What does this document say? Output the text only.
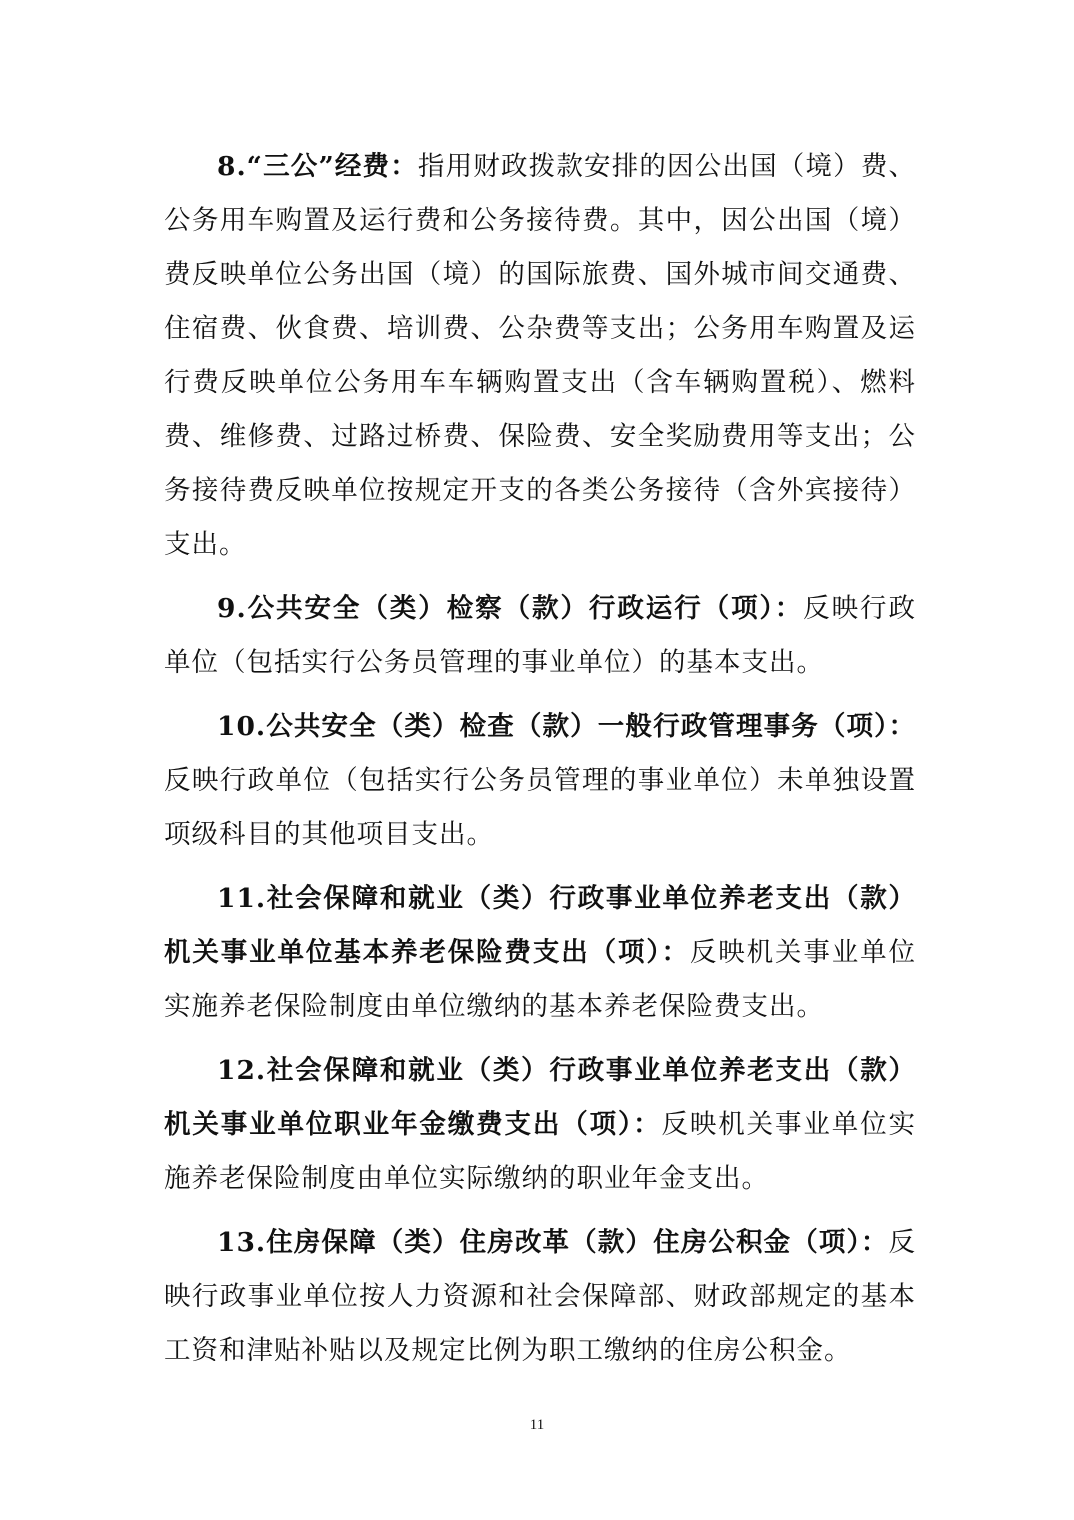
8.“三公”经费：指用财政拨款安排的因公出国（境）费、公务用车购置及运行费和公务接待费。其中，因公出国（境）费反映单位公务出国（境）的国际旅费、国外城市间交通费、住宿费、伙食费、培训费、公杂费等支出；公务用车购置及运行费反映单位公务用车车辆购置支出（含车辆购置税）、燃料费、维修费、过路过桥费、保险费、安全奖励费用等支出；公务接待费反映单位按规定开支的各类公务接待（含外宾接待）支出。

9.公共安全（类）检察（款）行政运行（项）：反映行政单位（包括实行公务员管理的事业单位）的基本支出。

10.公共安全（类）检查（款）一般行政管理事务（项）：反映行政单位（包括实行公务员管理的事业单位）未单独设置项级科目的其他项目支出。

11.社会保障和就业（类）行政事业单位养老支出（款）机关事业单位基本养老保险费支出（项）：反映机关事业单位实施养老保险制度由单位缴纳的基本养老保险费支出。

12.社会保障和就业（类）行政事业单位养老支出（款）机关事业单位职业年金缴费支出（项）：反映机关事业单位实施养老保险制度由单位实际缴纳的职业年金支出。

13.住房保障（类）住房改革（款）住房公积金（项）：反映行政事业单位按人力资源和社会保障部、财政部规定的基本工资和津贴补贴以及规定比例为职工缴纳的住房公积金。

11
